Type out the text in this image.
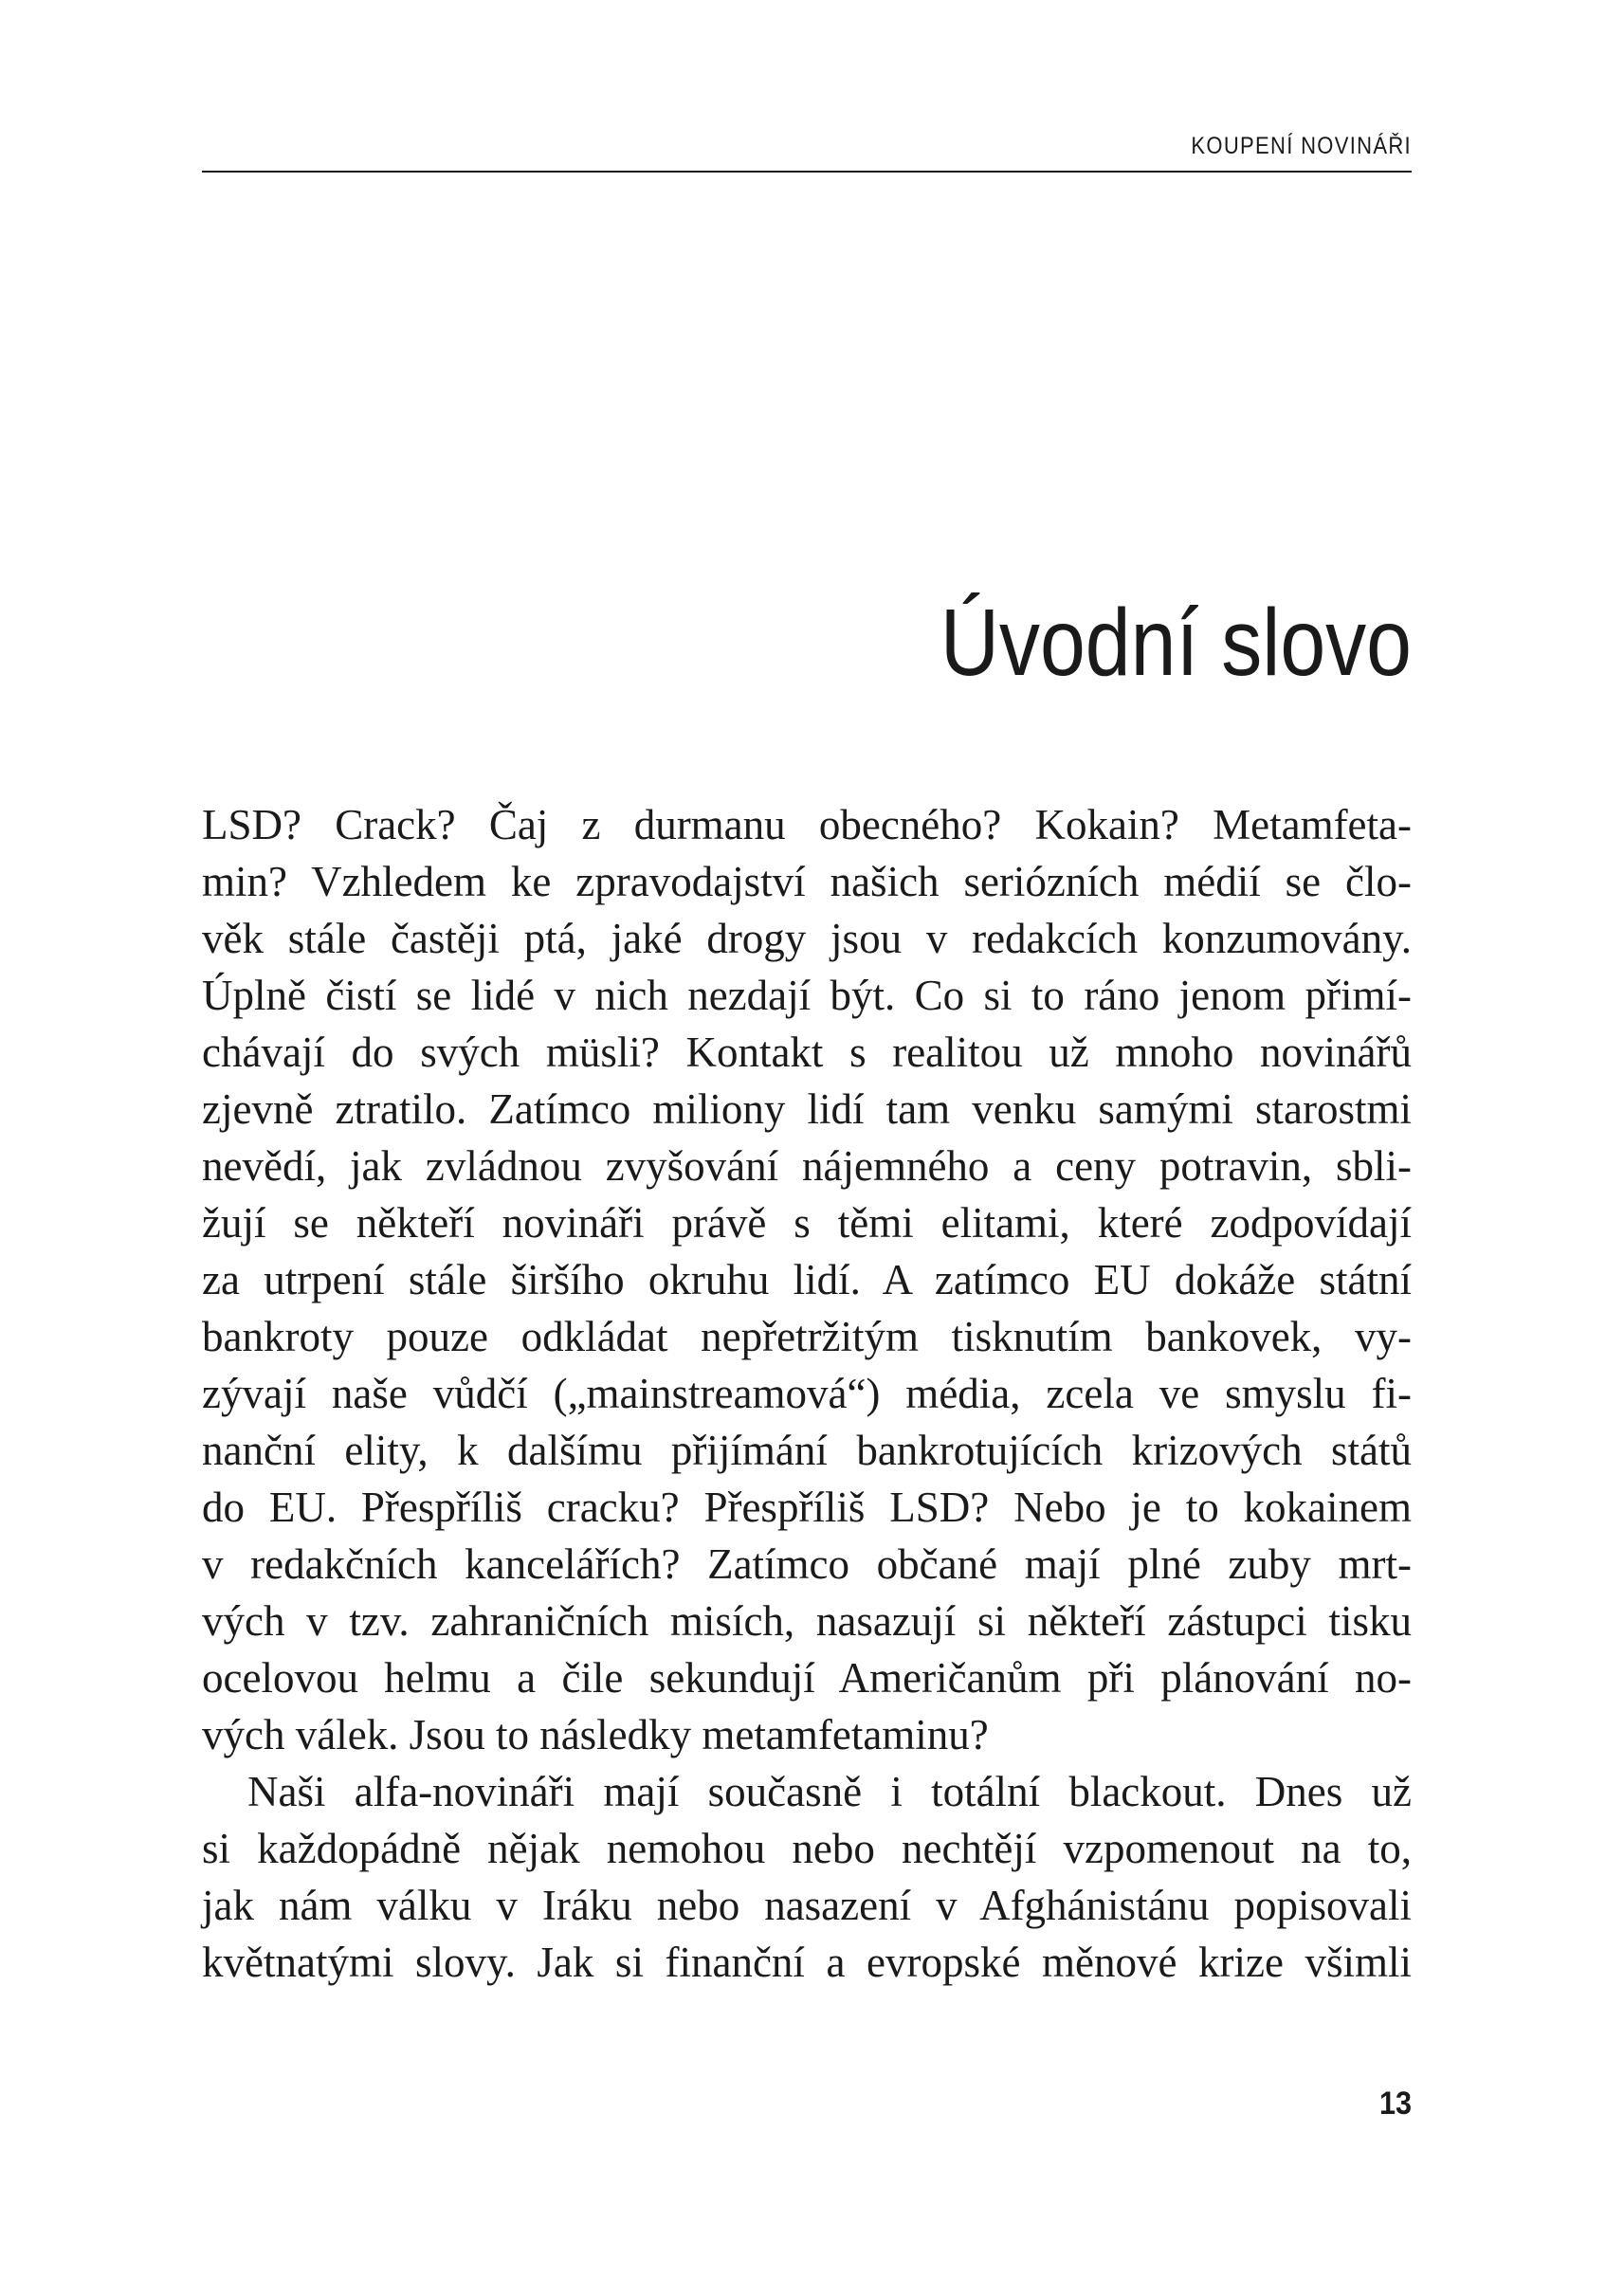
KOUPENÍ NOVINÁŘI
Úvodní slovo
LSD? Crack? Čaj z durmanu obecného? Kokain? Metamfeta-
min? Vzhledem ke zpravodajství našich seriózních médií se člo-
věk stále častěji ptá, jaké drogy jsou v redakcích konzumovány.
Úplně čistí se lidé v nich nezdají být. Co si to ráno jenom přimí-
chávají do svých müsli? Kontakt s realitou už mnoho novinářů
zjevně ztratilo. Zatímco miliony lidí tam venku samými starostmi
nevědí, jak zvládnou zvyšování nájemného a ceny potravin, sbli-
žují se někteří novináři právě s těmi elitami, které zodpovídají
za utrpení stále širšího okruhu lidí. A zatímco EU dokáže státní
bankroty pouze odkládat nepřetržitým tisknutím bankovek, vy-
zývají naše vůdčí („mainstreamová“) média, zcela ve smyslu fi-
nanční elity, k dalšímu přijímání bankrotujících krizových států
do EU. Přespříliš cracku? Přespříliš LSD? Nebo je to kokainem
v redakčních kancelářích? Zatímco občané mají plné zuby mrt-
vých v tzv. zahraničních misích, nasazují si někteří zástupci tisku
ocelovou helmu a čile sekundují Američanům při plánování no-
vých válek. Jsou to následky metamfetaminu?
Naši alfa-novináři mají současně i totální blackout. Dnes už
si každopádně nějak nemohou nebo nechtějí vzpomenout na to,
jak nám válku v Iráku nebo nasazení v Afghánistánu popisovali
květnatými slovy. Jak si finanční a evropské měnové krize všimli
13
